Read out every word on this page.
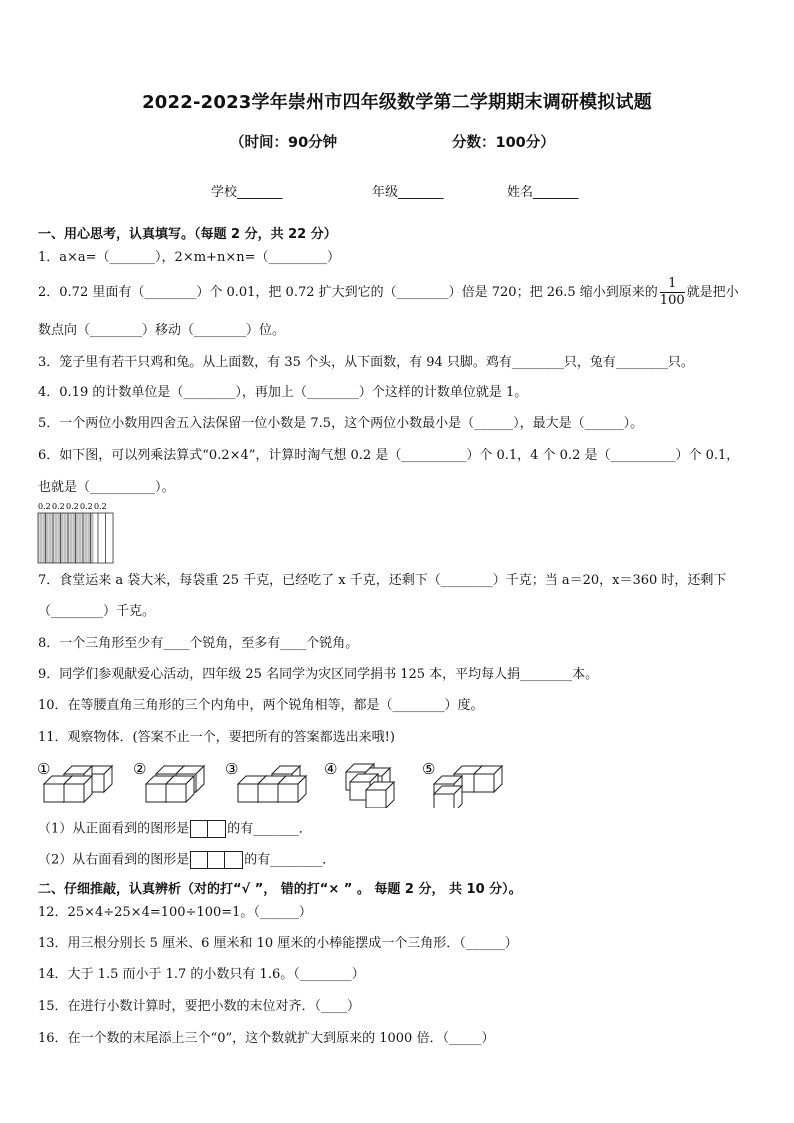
2022-2023学年崇州市四年级数学第二学期期末调研模拟试题
（时间：90分钟	分数：100分）
学校_______	年级_______	姓名_______
一、用心思考，认真填写。（每题 2 分，共 22 分）
1．a×a=（_______），2×m+n×n=（_________）
2．0.72 里面有（________）个 0.01，把 0.72 扩大到它的（________）倍是 720；把 26.5 缩小到原来的 $\frac{1}{100}$ 就是把小
数点向（________）移动（________）位。
3．笼子里有若干只鸡和兔。从上面数，有 35 个头，从下面数，有 94 只脚。鸡有________只，兔有________只。
4．0.19 的计数单位是（________），再加上（________）个这样的计数单位就是 1。
5．一个两位小数用四舍五入法保留一位小数是 7.5，这个两位小数最小是（______），最大是（______）。
6．如下图，可以列乘法算式“0.2×4”，计算时淘气想 0.2 是（__________）个 0.1，4 个 0.2 是（__________）个 0.1，
也就是（__________）。
0.2 0.2 0.2 0.2 0.2
7．食堂运来 a 袋大米，每袋重 25 千克，已经吃了 x 千克，还剩下（________）千克；当 a＝20，x＝360 时，还剩下
（________）千克。
8．一个三角形至少有____个锐角，至多有____个锐角。
9．同学们参观献爱心活动，四年级 25 名同学为灾区同学捐书 125 本，平均每人捐________本。
10．在等腰直角三角形的三个内角中，两个锐角相等，都是（________）度。
11．观察物体．(答案不止一个，要把所有的答案都选出来哦!)
①	②	③	④	⑤
（1）从正面看到的图形是	的有_______．
（2）从右面看到的图形是	的有________．
二、仔细推敲，认真辨析（对的打“√ ”， 错的打“× ” 。 每题 2 分， 共 10 分）。
12．25×4÷25×4=100÷100=1。（______）
13．用三根分别长 5 厘米、6 厘米和 10 厘米的小棒能摆成一个三角形．（______）
14．大于 1.5 而小于 1.7 的小数只有 1.6。（________）
15．在进行小数计算时，要把小数的末位对齐．（____）
16．在一个数的末尾添上三个“0”，这个数就扩大到原来的 1000 倍．（_____）
